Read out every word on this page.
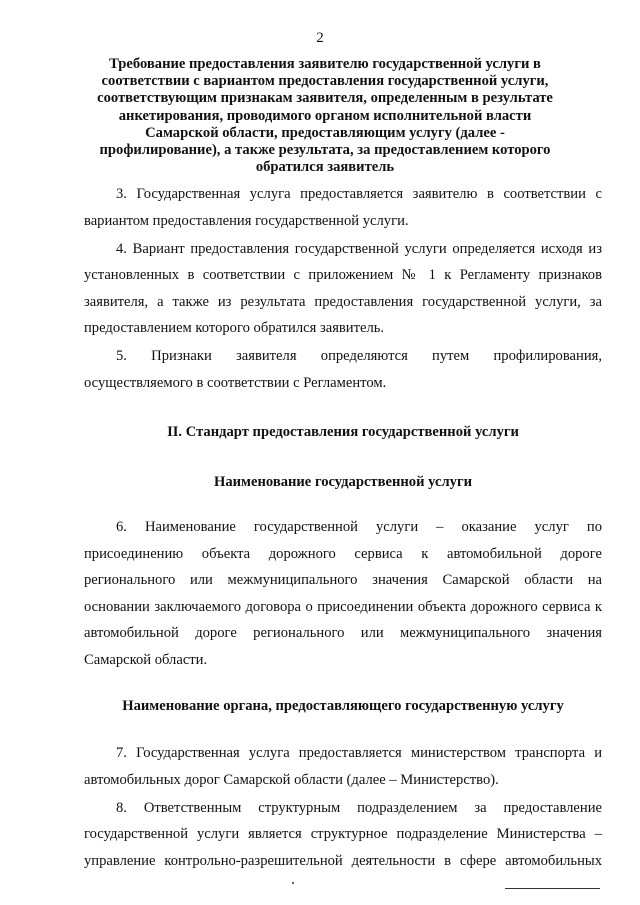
2
Требование предоставления заявителю государственной услуги в соответствии с вариантом предоставления государственной услуги, соответствующим признакам заявителя, определенным в результате анкетирования, проводимого органом исполнительной власти Самарской области, предоставляющим услугу (далее - профилирование), а также результата, за предоставлением которого обратился заявитель

3. Государственная услуга предоставляется заявителю в соответствии с вариантом предоставления государственной услуги.

4. Вариант предоставления государственной услуги определяется исходя из установленных в соответствии с приложением № 1 к Регламенту признаков заявителя, а также из результата предоставления государственной услуги, за предоставлением которого обратился заявитель.

5. Признаки заявителя определяются путем профилирования, осуществляемого в соответствии с Регламентом.

II. Стандарт предоставления государственной услуги
Наименование государственной услуги

6. Наименование государственной услуги – оказание услуг по присоединению объекта дорожного сервиса к автомобильной дороге регионального или межмуниципального значения Самарской области на основании заключаемого договора о присоединении объекта дорожного сервиса к автомобильной дороге регионального или межмуниципального значения Самарской области.

Наименование органа, предоставляющего государственную услугу

7. Государственная услуга предоставляется министерством транспорта и автомобильных дорог Самарской области (далее – Министерство).

8. Ответственным структурным подразделением за предоставление государственной услуги является структурное подразделение Министерства – управление контрольно-разрешительной деятельности в сфере автомобильных
